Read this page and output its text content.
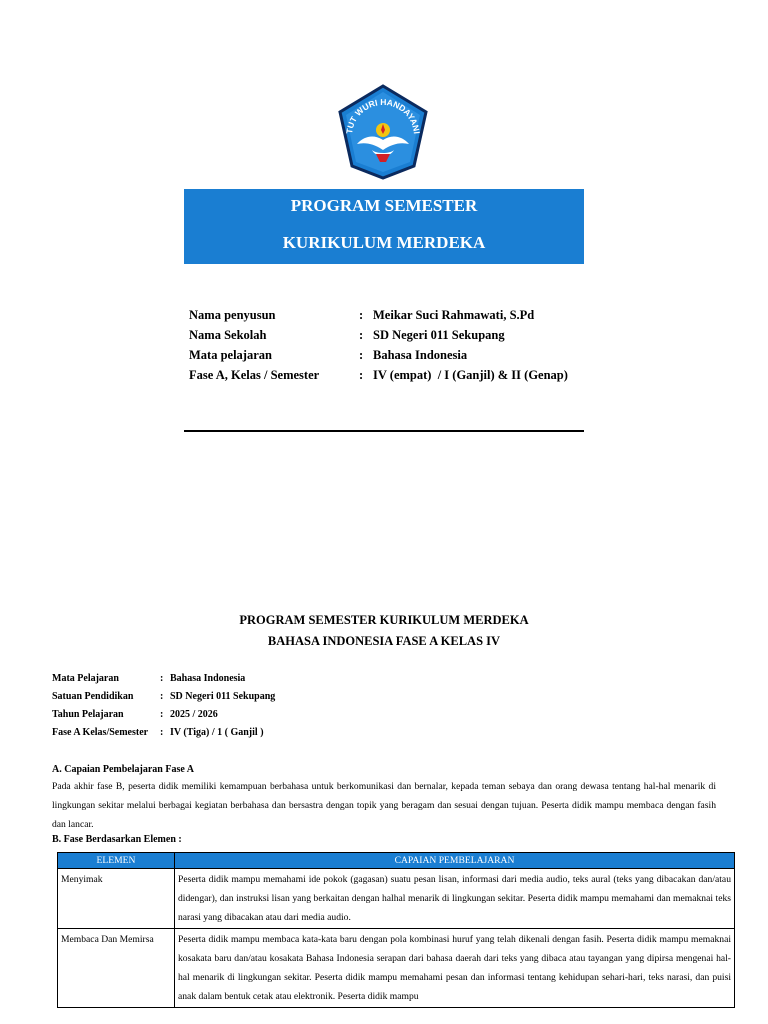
TUT WURI HANDAYANI
PROGRAM SEMESTER
KURIKULUM MERDEKA
Nama penyusun	: Meikar Suci Rahmawati, S.Pd
Nama Sekolah	: SD Negeri 011 Sekupang
Mata pelajaran	: Bahasa Indonesia
Fase A, Kelas / Semester	: IV (empat)  / I (Ganjil) & II (Genap)
PROGRAM SEMESTER KURIKULUM MERDEKA
BAHASA INDONESIA FASE A KELAS IV
Mata Pelajaran	: Bahasa Indonesia
Satuan Pendidikan	: SD Negeri 011 Sekupang
Tahun Pelajaran	: 2025 / 2026
Fase A Kelas/Semester	: IV (Tiga) / 1 ( Ganjil )
A. Capaian Pembelajaran Fase A
Pada akhir fase B, peserta didik memiliki kemampuan berbahasa untuk berkomunikasi dan bernalar, kepada teman sebaya dan orang dewasa tentang hal-hal menarik di lingkungan sekitar melalui berbagai kegiatan berbahasa dan bersastra dengan topik yang beragam dan sesuai dengan tujuan. Peserta didik mampu membaca dengan fasih dan lancar.
B. Fase Berdasarkan Elemen :
ELEMEN	CAPAIAN PEMBELAJARAN
Menyimak	Peserta didik mampu memahami ide pokok (gagasan) suatu pesan lisan, informasi dari media audio, teks aural (teks yang dibacakan dan/atau didengar), dan instruksi lisan yang berkaitan dengan halhal menarik di lingkungan sekitar. Peserta didik mampu memahami dan memaknai teks narasi yang dibacakan atau dari media audio.
Membaca Dan Memirsa	Peserta didik mampu membaca kata-kata baru dengan pola kombinasi huruf yang telah dikenali dengan fasih. Peserta didik mampu memaknai kosakata baru dan/atau kosakata Bahasa Indonesia serapan dari bahasa daerah dari teks yang dibaca atau tayangan yang dipirsa mengenai hal-hal menarik di lingkungan sekitar. Peserta didik mampu memahami pesan dan informasi tentang kehidupan sehari-hari, teks narasi, dan puisi anak dalam bentuk cetak atau elektronik. Peserta didik mampu
